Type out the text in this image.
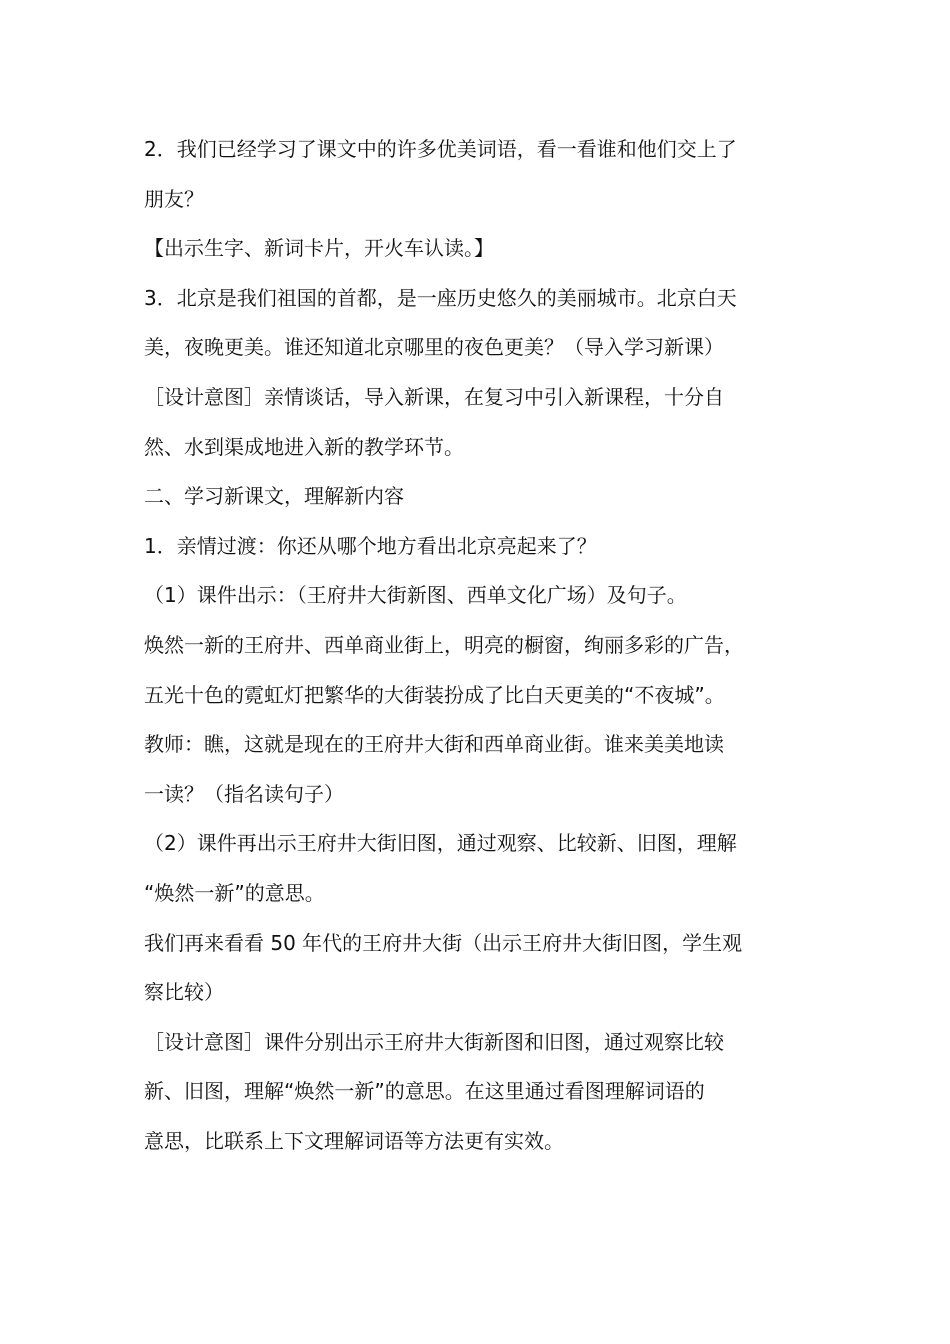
2．我们已经学习了课文中的许多优美词语，看一看谁和他们交上了
朋友？
【出示生字、新词卡片，开火车认读。】
3．北京是我们祖国的首都，是一座历史悠久的美丽城市。北京白天
美，夜晚更美。谁还知道北京哪里的夜色更美？（导入学习新课）
［设计意图］亲情谈话，导入新课，在复习中引入新课程，十分自
然、水到渠成地进入新的教学环节。
二、学习新课文，理解新内容
1．亲情过渡：你还从哪个地方看出北京亮起来了？
（1）课件出示：（王府井大街新图、西单文化广场）及句子。
焕然一新的王府井、西单商业街上，明亮的橱窗，绚丽多彩的广告，
五光十色的霓虹灯把繁华的大街装扮成了比白天更美的“不夜城”。
教师：瞧，这就是现在的王府井大街和西单商业街。谁来美美地读
一读？（指名读句子）
（2）课件再出示王府井大街旧图，通过观察、比较新、旧图，理解
“焕然一新”的意思。
我们再来看看 50 年代的王府井大街（出示王府井大街旧图，学生观
察比较）
［设计意图］课件分别出示王府井大街新图和旧图，通过观察比较
新、旧图，理解“焕然一新”的意思。在这里通过看图理解词语的
意思，比联系上下文理解词语等方法更有实效。
